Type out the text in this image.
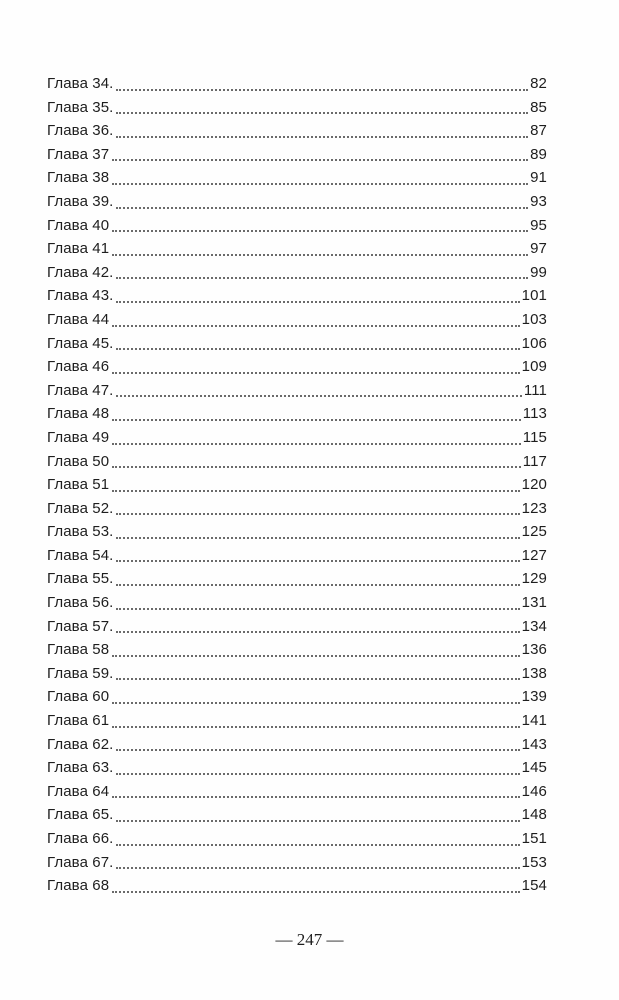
Глава 34.	82
Глава 35.	85
Глава 36.	87
Глава 37	89
Глава 38	91
Глава 39.	93
Глава 40	95
Глава 41	97
Глава 42.	99
Глава 43.	101
Глава 44	103
Глава 45.	106
Глава 46	109
Глава 47.	111
Глава 48	113
Глава 49	115
Глава 50	117
Глава 51	120
Глава 52.	123
Глава 53.	125
Глава 54.	127
Глава 55.	129
Глава 56.	131
Глава 57.	134
Глава 58	136
Глава 59.	138
Глава 60	139
Глава 61	141
Глава 62.	143
Глава 63.	145
Глава 64	146
Глава 65.	148
Глава 66.	151
Глава 67.	153
Глава 68	154
— 247 —
